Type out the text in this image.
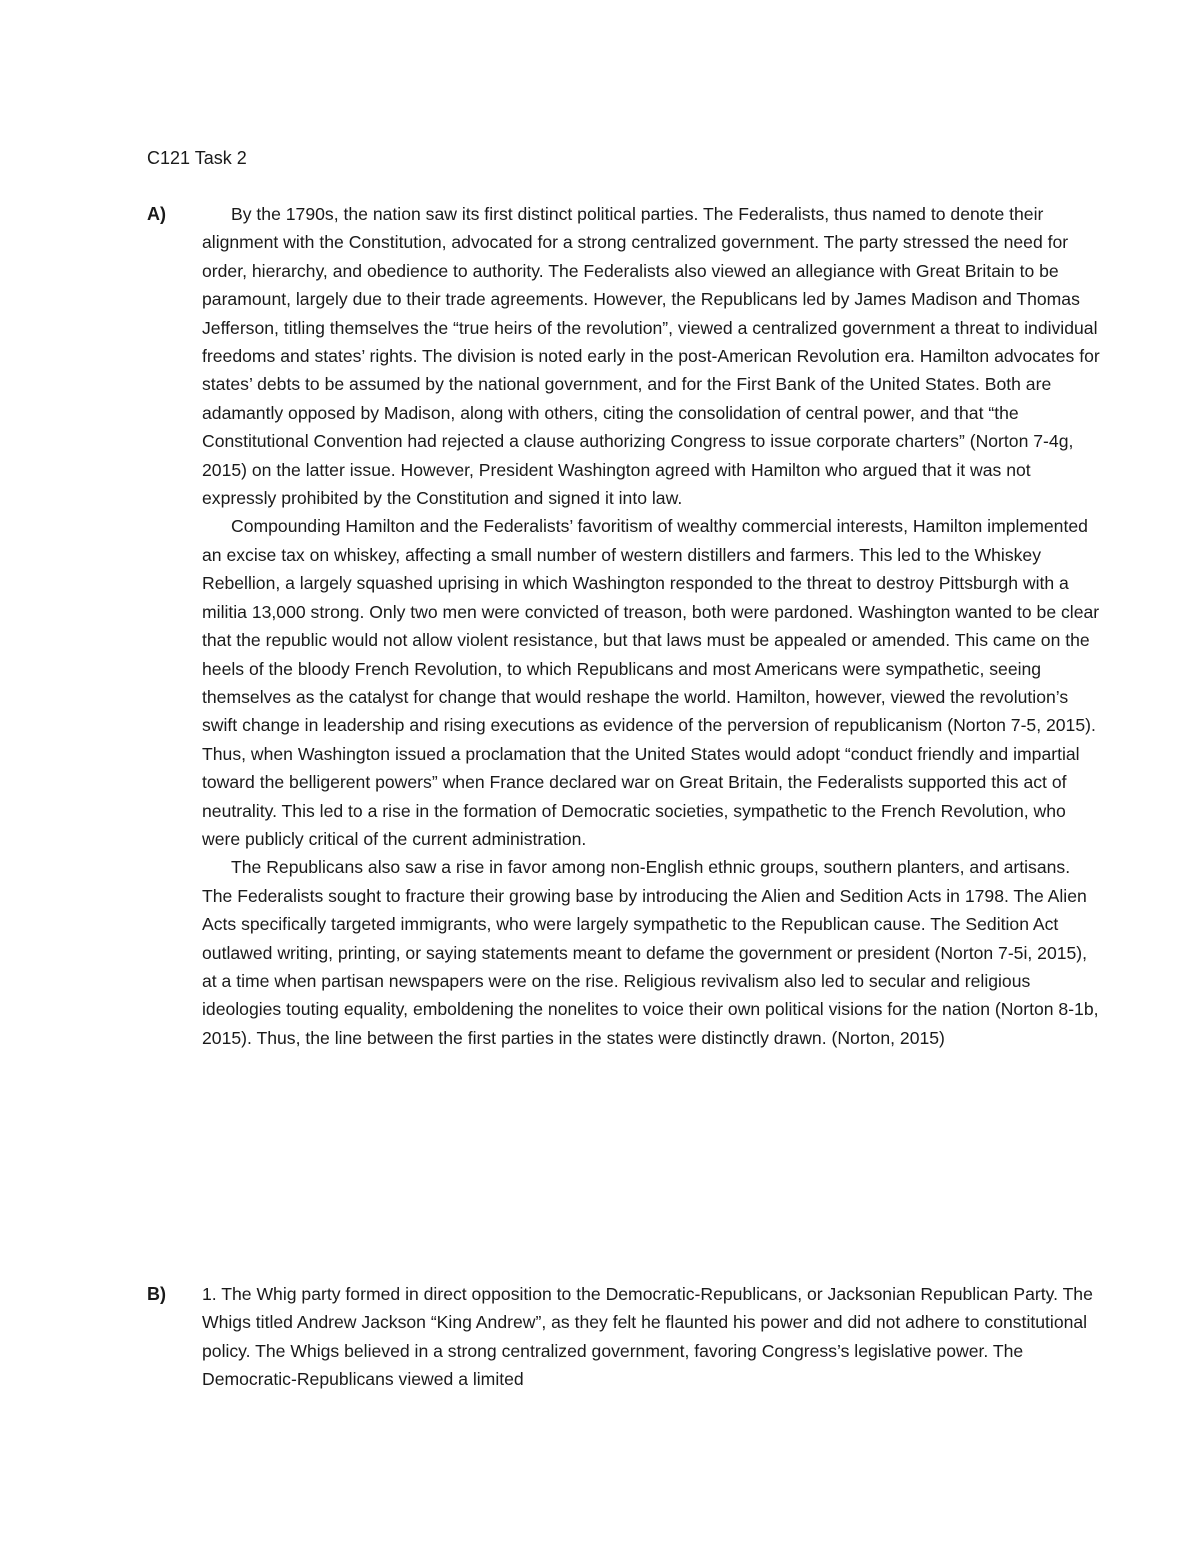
C121 Task 2
A)	By the 1790s, the nation saw its first distinct political parties. The Federalists, thus named to denote their alignment with the Constitution, advocated for a strong centralized government. The party stressed the need for order, hierarchy, and obedience to authority. The Federalists also viewed an allegiance with Great Britain to be paramount, largely due to their trade agreements. However, the Republicans led by James Madison and Thomas Jefferson, titling themselves the “true heirs of the revolution”, viewed a centralized government a threat to individual freedoms and states’ rights. The division is noted early in the post-American Revolution era. Hamilton advocates for states’ debts to be assumed by the national government, and for the First Bank of the United States. Both are adamantly opposed by Madison, along with others, citing the consolidation of central power, and that “the Constitutional Convention had rejected a clause authorizing Congress to issue corporate charters” (Norton 7-4g, 2015) on the latter issue. However, President Washington agreed with Hamilton who argued that it was not expressly prohibited by the Constitution and signed it into law.

Compounding Hamilton and the Federalists’ favoritism of wealthy commercial interests, Hamilton implemented an excise tax on whiskey, affecting a small number of western distillers and farmers. This led to the Whiskey Rebellion, a largely squashed uprising in which Washington responded to the threat to destroy Pittsburgh with a militia 13,000 strong. Only two men were convicted of treason, both were pardoned. Washington wanted to be clear that the republic would not allow violent resistance, but that laws must be appealed or amended. This came on the heels of the bloody French Revolution, to which Republicans and most Americans were sympathetic, seeing themselves as the catalyst for change that would reshape the world. Hamilton, however, viewed the revolution’s swift change in leadership and rising executions as evidence of the perversion of republicanism (Norton 7-5, 2015). Thus, when Washington issued a proclamation that the United States would adopt “conduct friendly and impartial toward the belligerent powers” when France declared war on Great Britain, the Federalists supported this act of neutrality. This led to a rise in the formation of Democratic societies, sympathetic to the French Revolution, who were publicly critical of the current administration.

The Republicans also saw a rise in favor among non-English ethnic groups, southern planters, and artisans. The Federalists sought to fracture their growing base by introducing the Alien and Sedition Acts in 1798. The Alien Acts specifically targeted immigrants, who were largely sympathetic to the Republican cause. The Sedition Act outlawed writing, printing, or saying statements meant to defame the government or president (Norton 7-5i, 2015), at a time when partisan newspapers were on the rise. Religious revivalism also led to secular and religious ideologies touting equality, emboldening the nonelites to voice their own political visions for the nation (Norton 8-1b, 2015). Thus, the line between the first parties in the states were distinctly drawn. (Norton, 2015)

B) 1. The Whig party formed in direct opposition to the Democratic-Republicans, or Jacksonian Republican Party. The Whigs titled Andrew Jackson “King Andrew”, as they felt he flaunted his power and did not adhere to constitutional policy. The Whigs believed in a strong centralized government, favoring Congress’s legislative power. The Democratic-Republicans viewed a limited
